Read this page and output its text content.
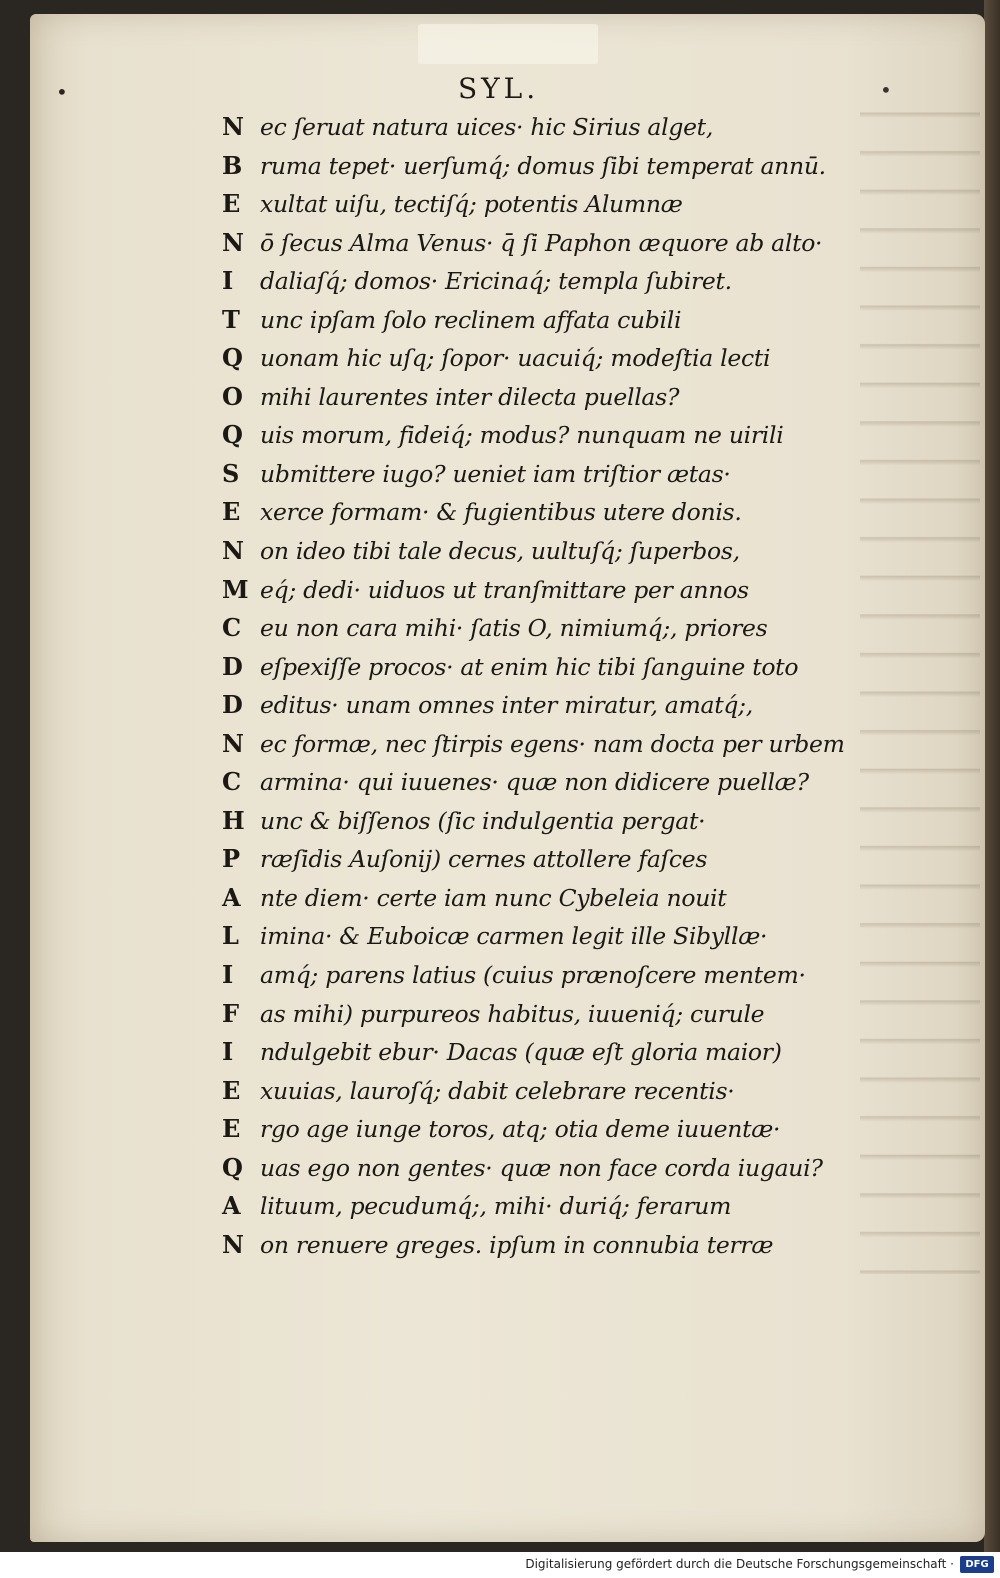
•	SYL.	•
N ec ſeruat natura uices· hic Sirius alget,
B ruma tepet· uerſumq́; domus ſibi temperat annū.
E xultat uiſu, tectiſq́; potentis Alumnæ
N ō ſecus Alma Venus· q̄ ſi Paphon æquore ab alto·
I	daliaſq́; domos· Ericinaq́; templa ſubiret.
T unc ipſam ſolo reclinem affata cubili
Q uonam hic uſq; ſopor· uacuiq́; modeſtia lecti
O mihi laurentes inter dilecta puellas?
Q uis morum, fideiq́; modus? nunquam ne uirili
S ubmittere iugo? ueniet iam triſtior ætas·
E xerce formam· & fugientibus utere donis.
N on ideo tibi tale decus, uultuſq́; ſuperbos,
M eq́; dedi· uiduos ut tranſmittare per annos
C eu non cara mihi· ſatis O, nimiumq́;, priores
D eſpexiſſe procos· at enim hic tibi ſanguine toto
D editus· unam omnes inter miratur, amatq́;,
N ec formæ, nec ſtirpis egens· nam docta per urbem
C armina· qui iuuenes· quæ non didicere puellæ?
H unc & biſſenos (ſic indulgentia pergat·
P ræſidis Auſonij) cernes attollere faſces
A nte diem· certe iam nunc Cybeleia nouit
L imina· & Euboicæ carmen legit ille Sibyllæ·
I	amq́; parens latius (cuius prænoſcere mentem·
F as mihi) purpureos habitus, iuueniq́; curule
I	ndulgebit ebur· Dacas (quæ eſt gloria maior)
E xuuias, lauroſq́; dabit celebrare recentis·
E rgo age iunge toros, atq; otia deme iuuentæ·
Q uas ego non gentes· quæ non face corda iugaui?
A lituum, pecudumq́;, mihi· duriq́; ferarum
N on renuere greges. ipſum in connubia terræ
Digitalisierung gefördert durch die Deutsche Forschungsgemeinschaft ·	DFG
